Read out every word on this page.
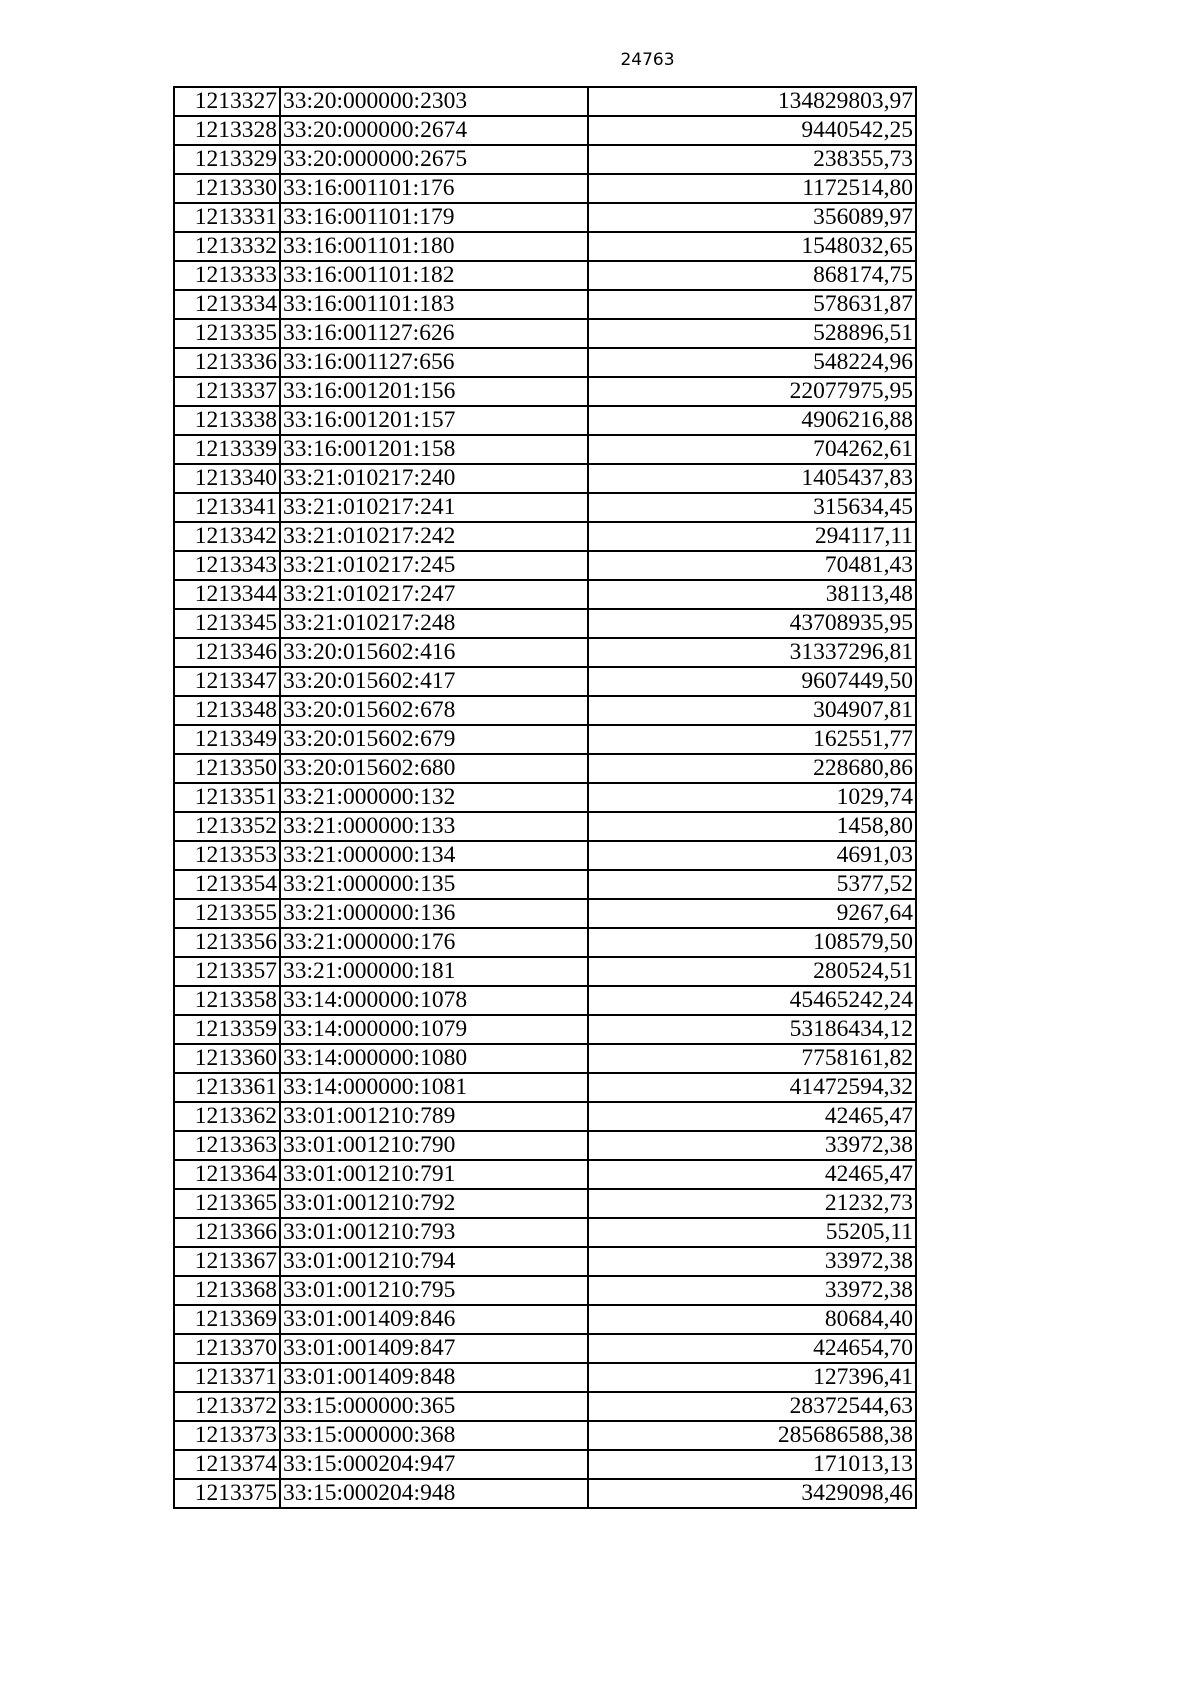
24763
1213327	33:20:000000:2303	134829803,97
1213328	33:20:000000:2674	9440542,25
1213329	33:20:000000:2675	238355,73
1213330	33:16:001101:176	1172514,80
1213331	33:16:001101:179	356089,97
1213332	33:16:001101:180	1548032,65
1213333	33:16:001101:182	868174,75
1213334	33:16:001101:183	578631,87
1213335	33:16:001127:626	528896,51
1213336	33:16:001127:656	548224,96
1213337	33:16:001201:156	22077975,95
1213338	33:16:001201:157	4906216,88
1213339	33:16:001201:158	704262,61
1213340	33:21:010217:240	1405437,83
1213341	33:21:010217:241	315634,45
1213342	33:21:010217:242	294117,11
1213343	33:21:010217:245	70481,43
1213344	33:21:010217:247	38113,48
1213345	33:21:010217:248	43708935,95
1213346	33:20:015602:416	31337296,81
1213347	33:20:015602:417	9607449,50
1213348	33:20:015602:678	304907,81
1213349	33:20:015602:679	162551,77
1213350	33:20:015602:680	228680,86
1213351	33:21:000000:132	1029,74
1213352	33:21:000000:133	1458,80
1213353	33:21:000000:134	4691,03
1213354	33:21:000000:135	5377,52
1213355	33:21:000000:136	9267,64
1213356	33:21:000000:176	108579,50
1213357	33:21:000000:181	280524,51
1213358	33:14:000000:1078	45465242,24
1213359	33:14:000000:1079	53186434,12
1213360	33:14:000000:1080	7758161,82
1213361	33:14:000000:1081	41472594,32
1213362	33:01:001210:789	42465,47
1213363	33:01:001210:790	33972,38
1213364	33:01:001210:791	42465,47
1213365	33:01:001210:792	21232,73
1213366	33:01:001210:793	55205,11
1213367	33:01:001210:794	33972,38
1213368	33:01:001210:795	33972,38
1213369	33:01:001409:846	80684,40
1213370	33:01:001409:847	424654,70
1213371	33:01:001409:848	127396,41
1213372	33:15:000000:365	28372544,63
1213373	33:15:000000:368	285686588,38
1213374	33:15:000204:947	171013,13
1213375	33:15:000204:948	3429098,46
